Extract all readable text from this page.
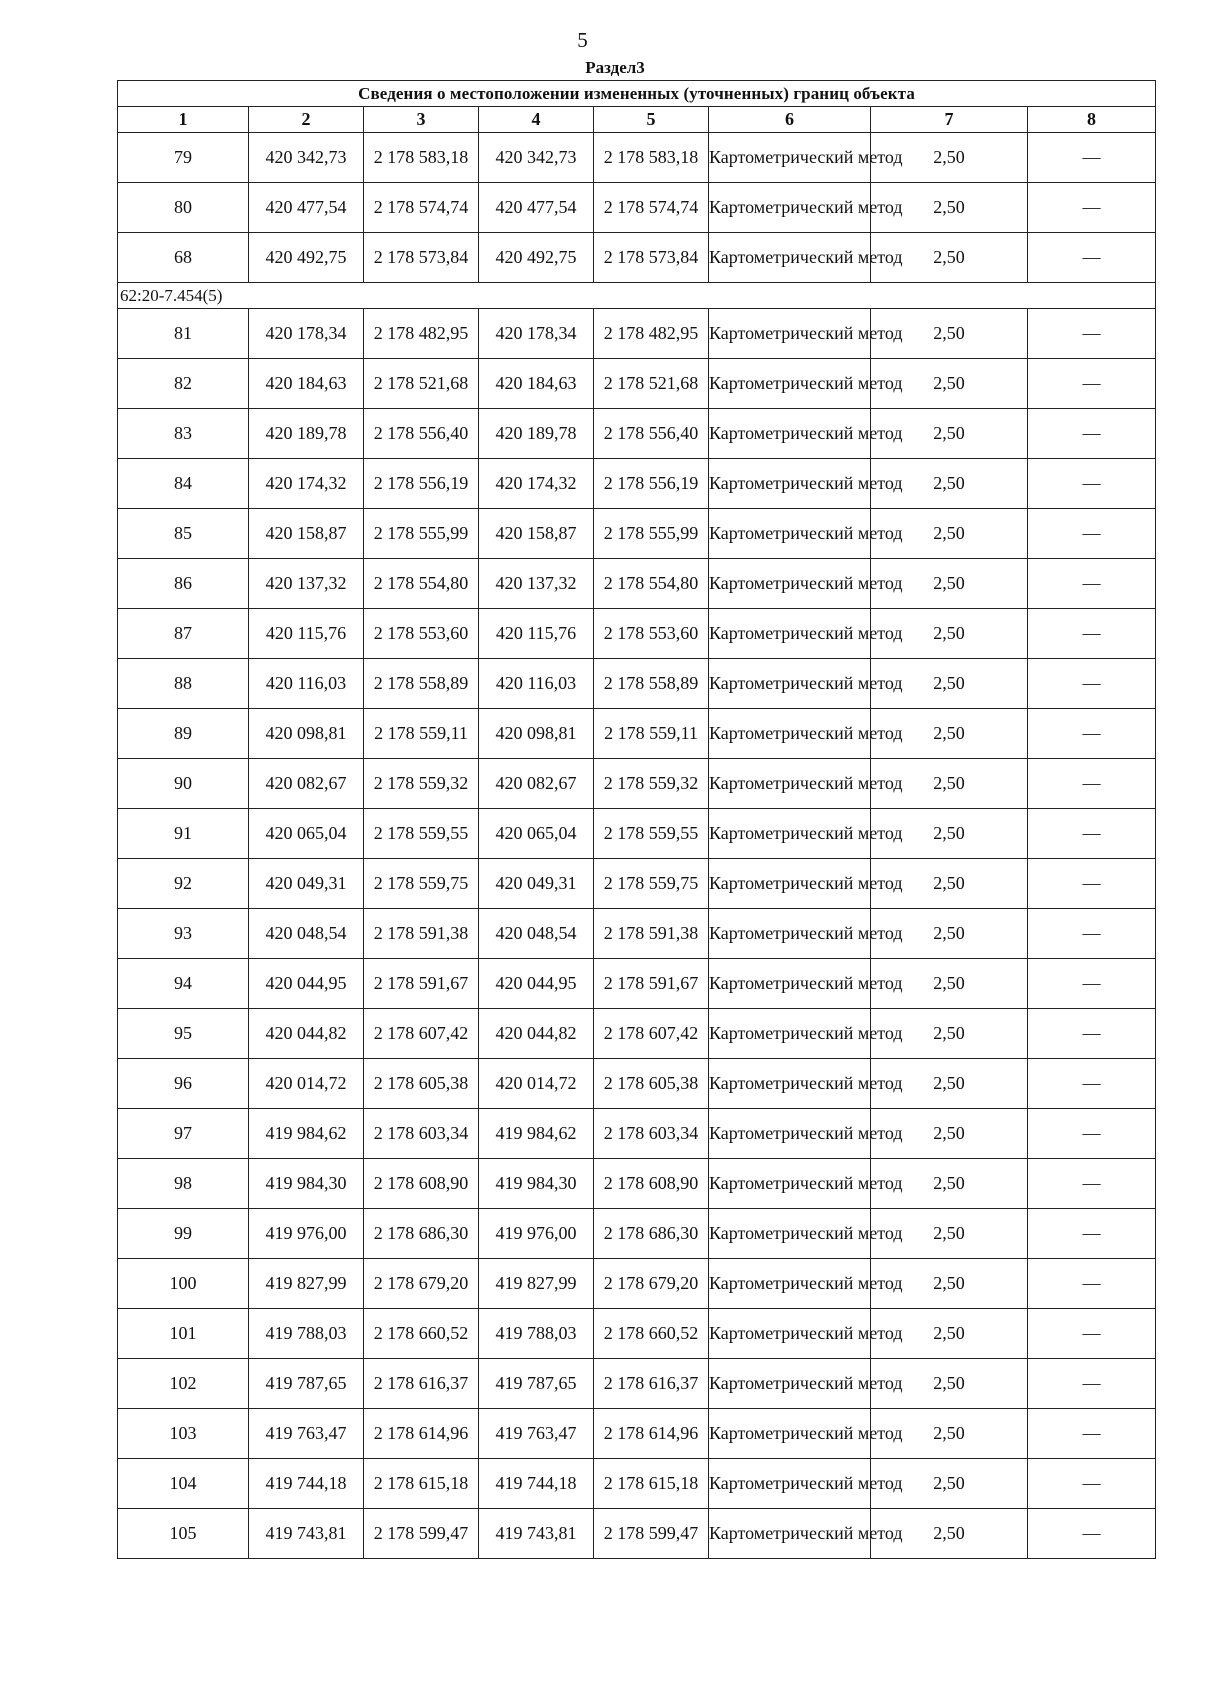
5
Раздел3
Сведения о местоположении измененных (уточненных) границ объекта							
1	2	3	4	5	6	7	8
79	420 342,73	2 178 583,18	420 342,73	2 178 583,18	Картометрический метод	2,50	—
80	420 477,54	2 178 574,74	420 477,54	2 178 574,74	Картометрический метод	2,50	—
68	420 492,75	2 178 573,84	420 492,75	2 178 573,84	Картометрический метод	2,50	—
62:20-7.454(5)							
81	420 178,34	2 178 482,95	420 178,34	2 178 482,95	Картометрический метод	2,50	—
82	420 184,63	2 178 521,68	420 184,63	2 178 521,68	Картометрический метод	2,50	—
83	420 189,78	2 178 556,40	420 189,78	2 178 556,40	Картометрический метод	2,50	—
84	420 174,32	2 178 556,19	420 174,32	2 178 556,19	Картометрический метод	2,50	—
85	420 158,87	2 178 555,99	420 158,87	2 178 555,99	Картометрический метод	2,50	—
86	420 137,32	2 178 554,80	420 137,32	2 178 554,80	Картометрический метод	2,50	—
87	420 115,76	2 178 553,60	420 115,76	2 178 553,60	Картометрический метод	2,50	—
88	420 116,03	2 178 558,89	420 116,03	2 178 558,89	Картометрический метод	2,50	—
89	420 098,81	2 178 559,11	420 098,81	2 178 559,11	Картометрический метод	2,50	—
90	420 082,67	2 178 559,32	420 082,67	2 178 559,32	Картометрический метод	2,50	—
91	420 065,04	2 178 559,55	420 065,04	2 178 559,55	Картометрический метод	2,50	—
92	420 049,31	2 178 559,75	420 049,31	2 178 559,75	Картометрический метод	2,50	—
93	420 048,54	2 178 591,38	420 048,54	2 178 591,38	Картометрический метод	2,50	—
94	420 044,95	2 178 591,67	420 044,95	2 178 591,67	Картометрический метод	2,50	—
95	420 044,82	2 178 607,42	420 044,82	2 178 607,42	Картометрический метод	2,50	—
96	420 014,72	2 178 605,38	420 014,72	2 178 605,38	Картометрический метод	2,50	—
97	419 984,62	2 178 603,34	419 984,62	2 178 603,34	Картометрический метод	2,50	—
98	419 984,30	2 178 608,90	419 984,30	2 178 608,90	Картометрический метод	2,50	—
99	419 976,00	2 178 686,30	419 976,00	2 178 686,30	Картометрический метод	2,50	—
100	419 827,99	2 178 679,20	419 827,99	2 178 679,20	Картометрический метод	2,50	—
101	419 788,03	2 178 660,52	419 788,03	2 178 660,52	Картометрический метод	2,50	—
102	419 787,65	2 178 616,37	419 787,65	2 178 616,37	Картометрический метод	2,50	—
103	419 763,47	2 178 614,96	419 763,47	2 178 614,96	Картометрический метод	2,50	—
104	419 744,18	2 178 615,18	419 744,18	2 178 615,18	Картометрический метод	2,50	—
105	419 743,81	2 178 599,47	419 743,81	2 178 599,47	Картометрический метод	2,50	—
